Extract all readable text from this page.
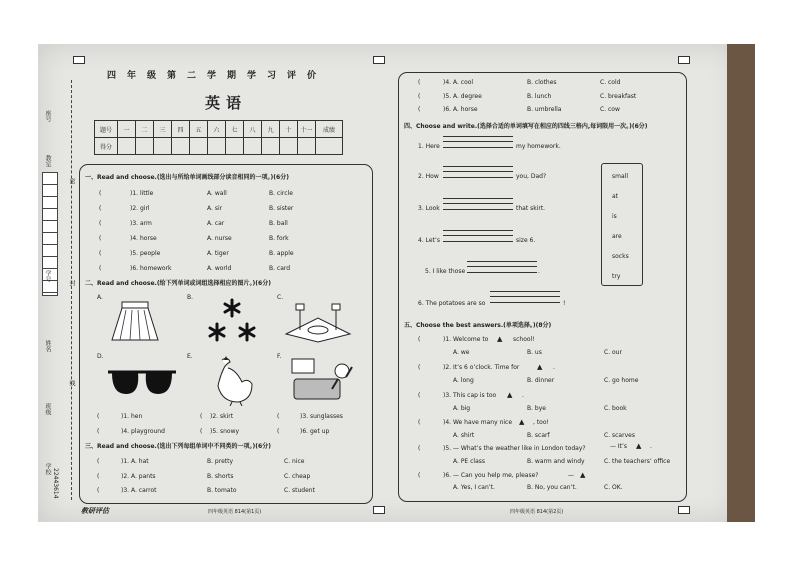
座号
教室
学号
姓名
班级
学校 22443614
密
封
线
四年级第二学期学习评价
英语
题号	一	二	三	四	五	六	七	八	九	十	十一	成绩
得分												
一、Read and choose.(选出与所给单词画线部分读音相同的一项。)(6分)
(	)1. little	A. wall	B. circle
(	)2. girl	A. sir	B. sister
(	)3. arm	A. car	B. ball
(	)4. horse	A. nurse	B. fork
(	)5. people	A. tiger	B. apple
(	)6. homework	A. world	B. card
二、Read and choose.(给下列单词或词组选择相应的图片。)(6分)
A.	B.	C.
D.	E.	F.
(	)1. hen	( )2. skirt	(	)3. sunglasses
(	)4. playground	( )5. snowy	(	)6. get up
三、Read and choose.(选出下列每组单词中不同类的一项。)(6分)
(	)1. A. hat	B. pretty	C. nice
(	)2. A. pants	B. shorts	C. cheap
(	)3. A. carrot	B. tomato	C. student
教研评估	四年级英语 814(第1页)
(	)4. A. cool	B. clothes	C. cold
(	)5. A. degree	B. lunch	C. breakfast
(	)6. A. horse	B. umbrella	C. cow
四、Choose and write.(选择合适的单词填写在相应的四线三格内,每词限用一次。)(6分)
1. Here	my homework.
2. How	you, Dad?
3. Look	that skirt.
4. Let’s	size 6.
5. I like those	.
6. The potatoes are so	!
small
at
is
are
socks
try
五、Choose the best answers.(单项选择。)(8分)
(	)1. Welcome to ▲ school!
A. we	B. us	C. our
(	)2. It’s 6 o’clock. Time for	▲ .
A. long	B. dinner	C. go home
(	)3. This cap is too ▲ .
A. big	B. bye	C. book
(	)4. We have many nice ▲ , too!
A. shirt	B. scarf	C. scarves
(	)5. — What’s the weather like in London today?	— It’s ▲ .
A. PE class	B. warm and windy	C. the teachers’ office
(	)6. — Can you help me, please?	— ▲
A. Yes, I can’t.	B. No, you can’t.	C. OK.
四年级英语 814(第2页)
